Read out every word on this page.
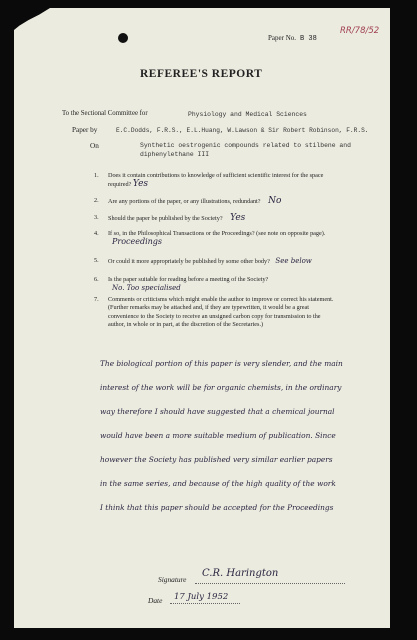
RR/78/52
Paper No. B 38
REFEREE'S REPORT
To the Sectional Committee for	Physiology and Medical Sciences
Paper by	E.C.Dodds, F.R.S., E.L.Huang, W.Lawson & Sir Robert Robinson, F.R.S.
On	Synthetic oestrogenic compounds related to stilbene and
diphenylethane III
1. Does it contain contributions to knowledge of sufficient scientific interest for the space required? Yes
2. Are any portions of the paper, or any illustrations, redundant? No
3. Should the paper be published by the Society? Yes
4. If so, in the Philosophical Transactions or the Proceedings? (see note on opposite page). Proceedings
5. Or could it more appropriately be published by some other body? See below
6. Is the paper suitable for reading before a meeting of the Society? No. Too specialised
7. Comments or criticisms which might enable the author to improve or correct his statement. (Further remarks may be attached and, if they are typewritten, it would be a great convenience to the Society to receive an unsigned carbon copy for transmission to the author, in whole or in part, at the discretion of the Secretaries.)
The biological portion of this paper is very slender, and the main
interest of the work will be for organic chemists, in the ordinary
way therefore I should have suggested that a chemical journal
would have been a more suitable medium of publication. Since
however the Society has published very similar earlier papers
in the same series, and because of the high quality of the work
I think that this paper should be accepted for the Proceedings
Signature
C.R. Harington
Date 17 July 1952
